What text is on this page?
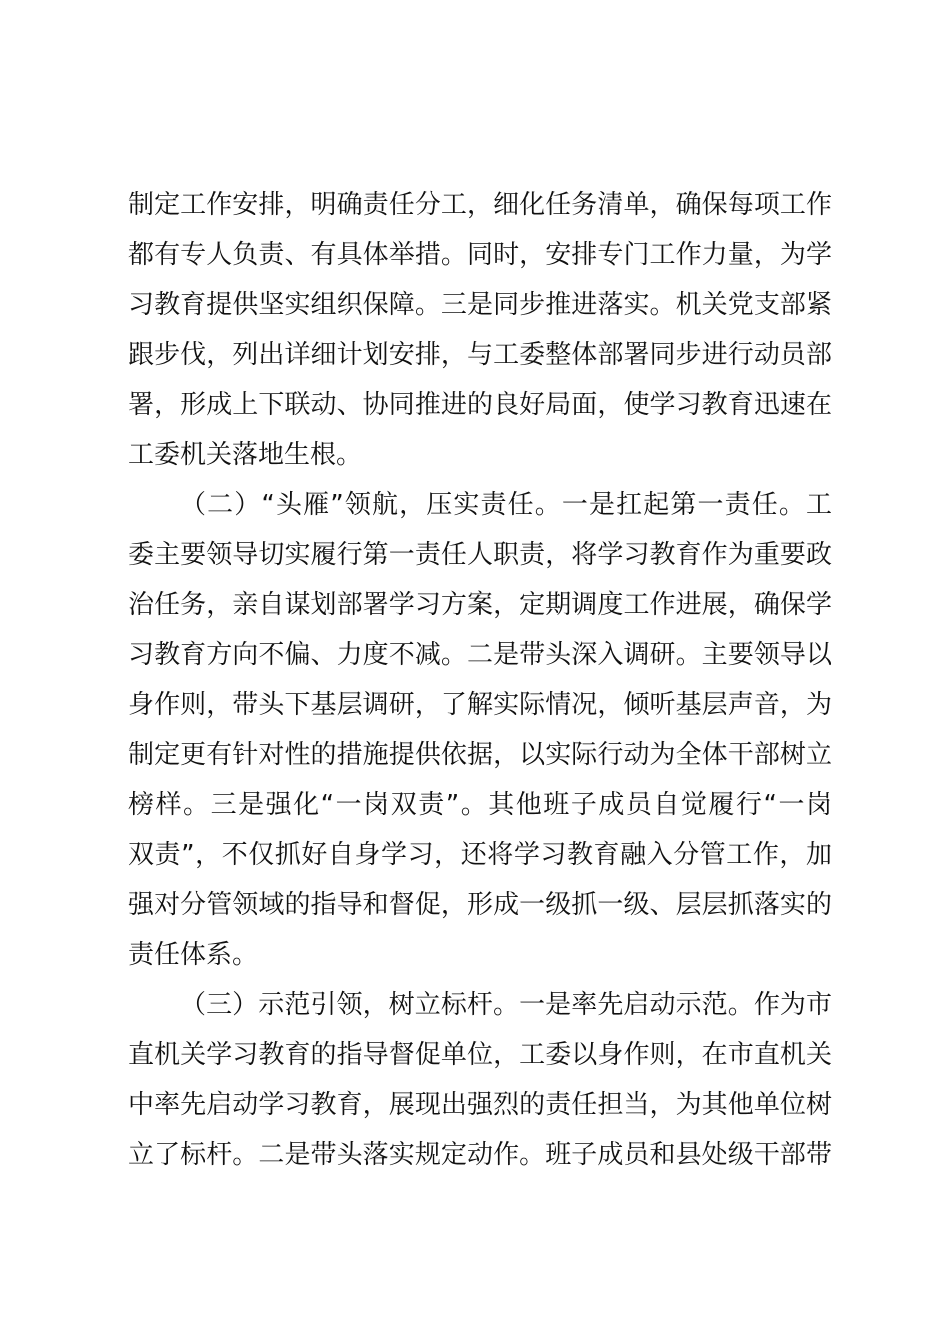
制定工作安排，明确责任分工，细化任务清单，确保每项工作
都有专人负责、有具体举措。同时，安排专门工作力量，为学
习教育提供坚实组织保障。三是同步推进落实。机关党支部紧
跟步伐，列出详细计划安排，与工委整体部署同步进行动员部
署，形成上下联动、协同推进的良好局面，使学习教育迅速在
工委机关落地生根。
（二）“头雁”领航，压实责任。一是扛起第一责任。工
委主要领导切实履行第一责任人职责，将学习教育作为重要政
治任务，亲自谋划部署学习方案，定期调度工作进展，确保学
习教育方向不偏、力度不减。二是带头深入调研。主要领导以
身作则，带头下基层调研，了解实际情况，倾听基层声音，为
制定更有针对性的措施提供依据，以实际行动为全体干部树立
榜样。三是强化“一岗双责”。其他班子成员自觉履行“一岗
双责”，不仅抓好自身学习，还将学习教育融入分管工作，加
强对分管领域的指导和督促，形成一级抓一级、层层抓落实的
责任体系。
（三）示范引领，树立标杆。一是率先启动示范。作为市
直机关学习教育的指导督促单位，工委以身作则，在市直机关
中率先启动学习教育，展现出强烈的责任担当，为其他单位树
立了标杆。二是带头落实规定动作。班子成员和县处级干部带
